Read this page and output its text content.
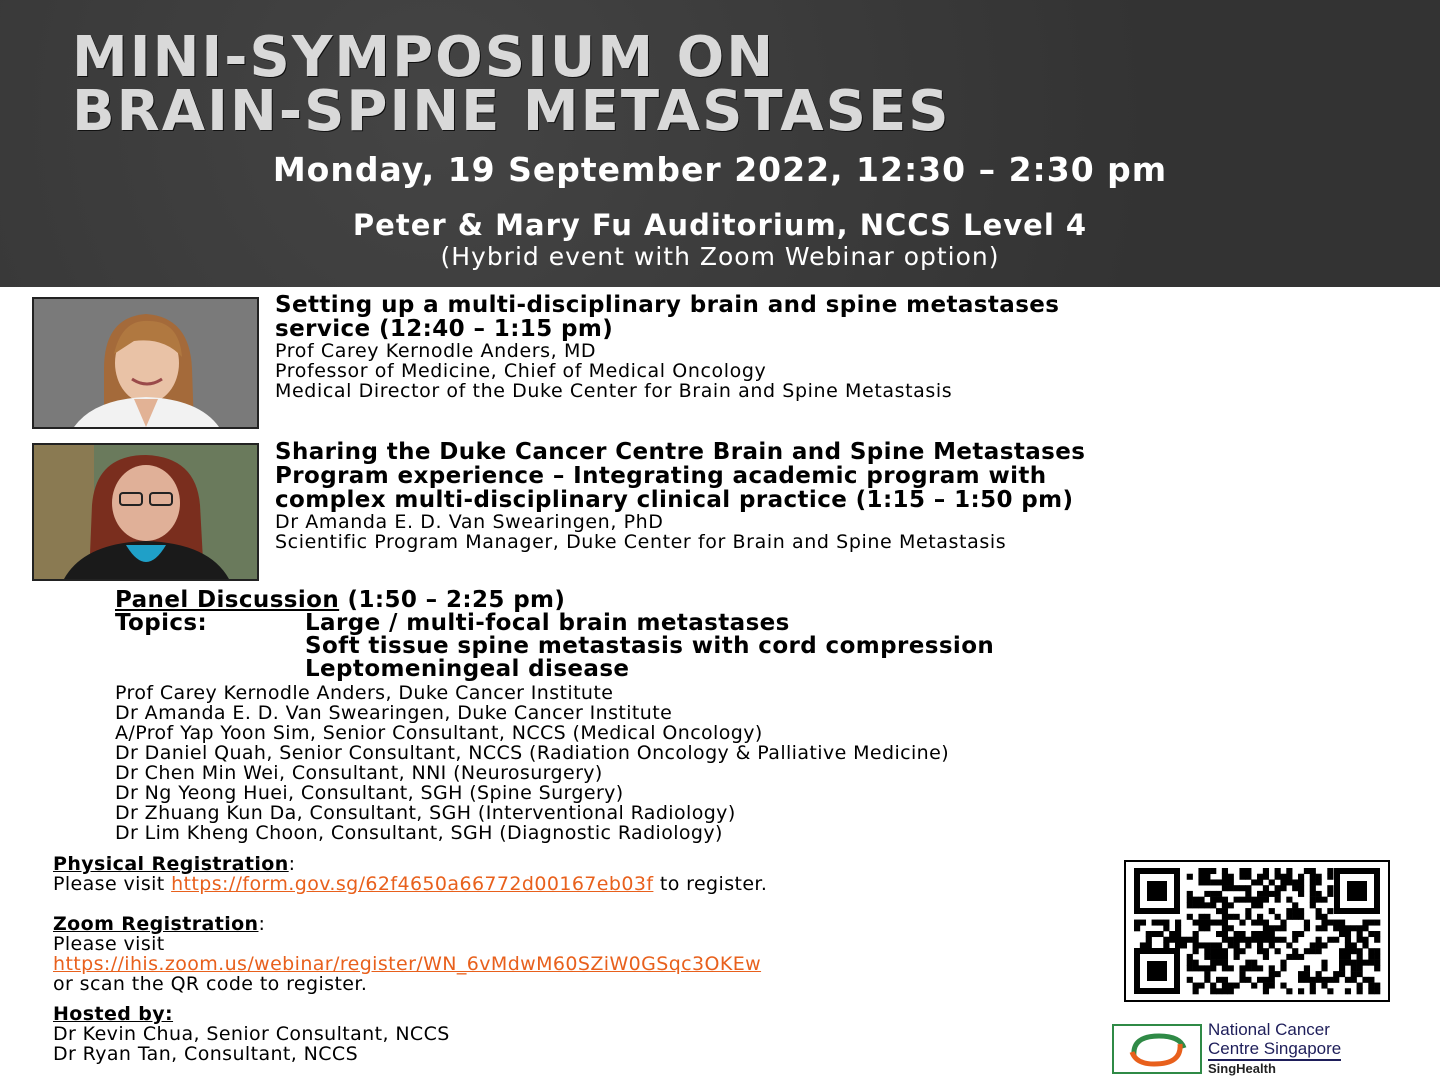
MINI-SYMPOSIUM ON
BRAIN-SPINE METASTASES
Monday, 19 September 2022, 12:30 – 2:30 pm
Peter & Mary Fu Auditorium, NCCS Level 4
(Hybrid event with Zoom Webinar option)
Setting up a multi-disciplinary brain and spine metastases
service (12:40 – 1:15 pm)
Prof Carey Kernodle Anders, MD
Professor of Medicine, Chief of Medical Oncology
Medical Director of the Duke Center for Brain and Spine Metastasis
Sharing the Duke Cancer Centre Brain and Spine Metastases
Program experience – Integrating academic program with
complex multi-disciplinary clinical practice (1:15 – 1:50 pm)
Dr Amanda E. D. Van Swearingen, PhD
Scientific Program Manager, Duke Center for Brain and Spine Metastasis
Panel Discussion (1:50 – 2:25 pm)
Topics:	Large / multi-focal brain metastases
Soft tissue spine metastasis with cord compression
Leptomeningeal disease
Prof Carey Kernodle Anders, Duke Cancer Institute
Dr Amanda E. D. Van Swearingen, Duke Cancer Institute
A/Prof Yap Yoon Sim, Senior Consultant, NCCS (Medical Oncology)
Dr Daniel Quah, Senior Consultant, NCCS (Radiation Oncology & Palliative Medicine)
Dr Chen Min Wei, Consultant, NNI (Neurosurgery)
Dr Ng Yeong Huei, Consultant, SGH (Spine Surgery)
Dr Zhuang Kun Da, Consultant, SGH (Interventional Radiology)
Dr Lim Kheng Choon, Consultant, SGH (Diagnostic Radiology)
Physical Registration:
Please visit https://form.gov.sg/62f4650a66772d00167eb03f to register.
Zoom Registration:
Please visit
https://ihis.zoom.us/webinar/register/WN_6vMdwM60SZiW0GSqc3OKEw
or scan the QR code to register.
Hosted by:
Dr Kevin Chua, Senior Consultant, NCCS
Dr Ryan Tan, Consultant, NCCS
National Cancer
Centre Singapore
SingHealth
